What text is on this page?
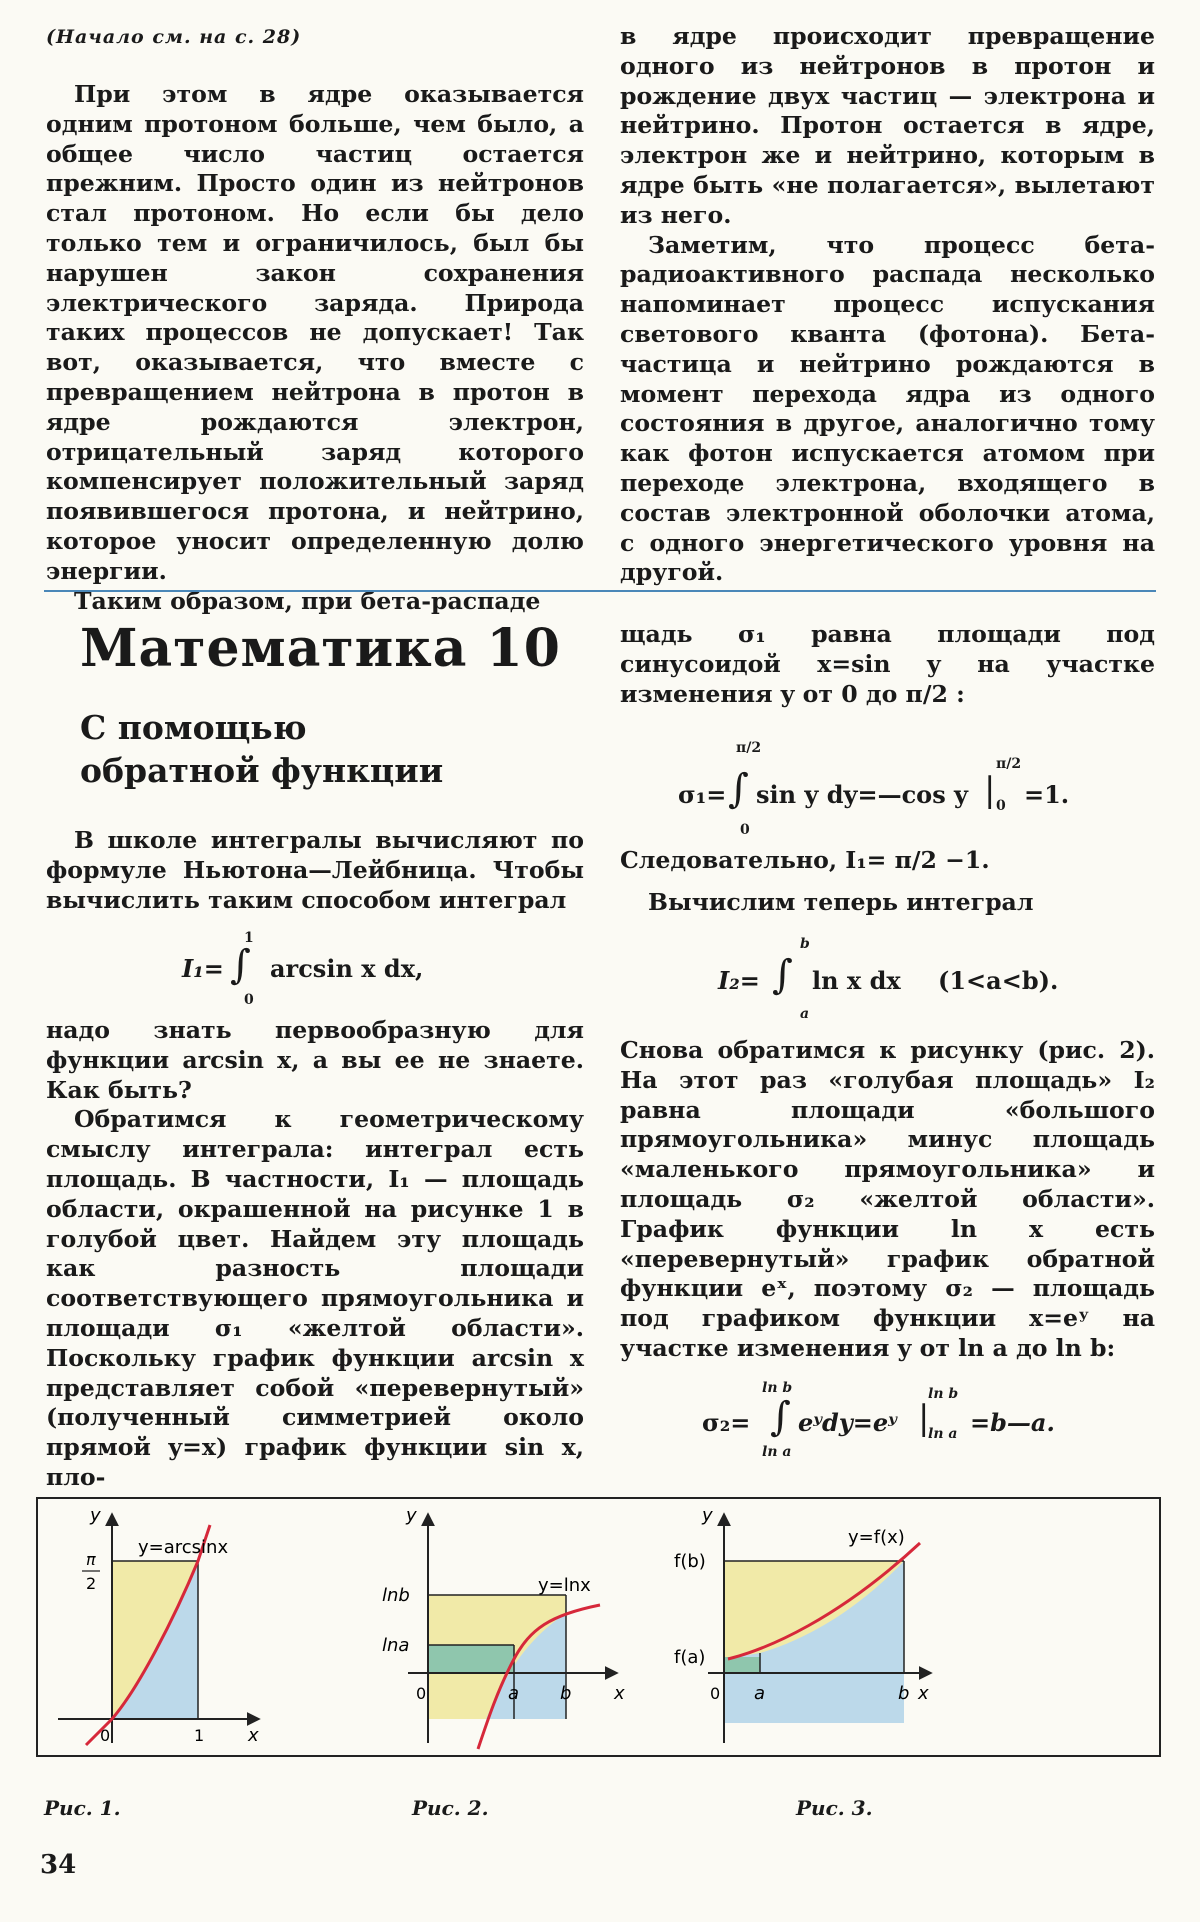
(Начало см. на с. 28)

При этом в ядре оказывается одним протоном больше, чем было, а общее число частиц остается прежним. Просто один из нейтронов стал протоном. Но если бы дело только тем и ограничилось, был бы нарушен закон сохранения электрического заряда. Природа таких процессов не допускает! Так вот, оказывается, что вместе с превращением нейтрона в протон в ядре рождаются электрон, отрицательный заряд которого компенсирует положительный заряд появившегося протона, и нейтрино, которое уносит определенную долю энергии.

Таким образом, при бета-распаде

в ядре происходит превращение одного из нейтронов в протон и рождение двух частиц — электрона и нейтрино. Протон остается в ядре, электрон же и нейтрино, которым в ядре быть «не полагается», вылетают из него.

Заметим, что процесс бета-радиоактивного распада несколько напоминает процесс испускания светового кванта (фотона). Бета-частица и нейтрино рождаются в момент перехода ядра из одного состояния в другое, аналогично тому как фотон испускается атомом при переходе электрона, входящего в состав электронной оболочки атома, с одного энергетического уровня на другой.

Математика 10
С помощью
обратной функции

В школе интегралы вычисляют по формуле Ньютона—Лейбница. Чтобы вычислить таким способом интеграл

I₁= ∫
1
0
arcsin x dx,

надо знать первообразную для функции arcsin x, а вы ее не знаете. Как быть?

Обратимся к геометрическому смыслу интеграла: интеграл есть площадь. В частности, I₁ — площадь области, окрашенной на рисунке 1 в голубой цвет. Найдем эту площадь как разность площади соответствующего прямоугольника и площади σ₁ «желтой области». Поскольку график функции arcsin x представляет собой «перевернутый» (полученный симметрией около прямой y=x) график функции sin x, пло-

щадь σ₁ равна площади под синусоидой x=sin y на участке изменения y от 0 до π/2 :

σ₁= ∫
π/2
0
sin y dy=—cos y |
π/2
0 =1.

Следовательно, I₁= π/2 −1.

Вычислим теперь интеграл

I₂= ∫
b
a
ln x dx (1<a<b).

Снова обратимся к рисунку (рис. 2). На этот раз «голубая площадь» I₂ равна площади «большого прямоугольника» минус площадь «маленького прямоугольника» и площадь σ₂ «желтой области». График функции ln x есть «перевернутый» график обратной функции eˣ, поэтому σ₂ — площадь под графиком функции x=eʸ на участке изменения y от ln a до ln b:

σ₂= ∫
ln b
ln a
eʸdy=eʸ |
ln b
ln a =b—a.
y
x
y=arcsinx
π
2
1
0
y
x
y=lnx
lnb
lna
a b
0
y
x
y=f(x)
f(b)
f(a)
a	b
0
Рис. 1.	Рис. 2.	Рис. 3.
34
